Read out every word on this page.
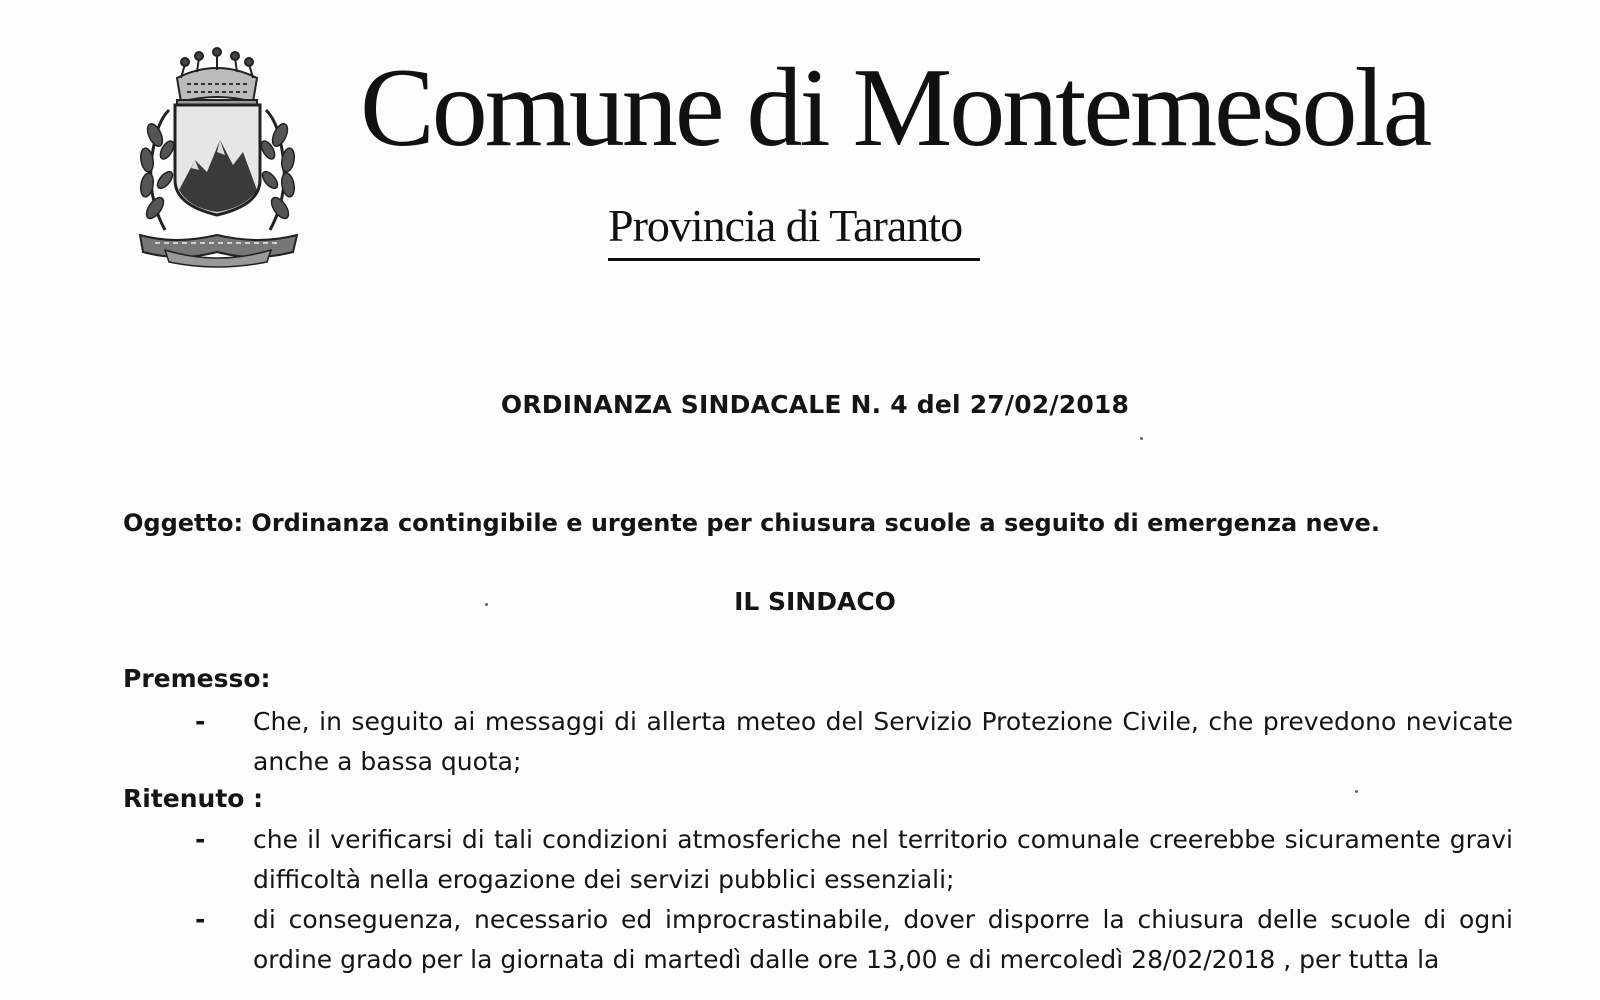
Comune di Montemesola
Provincia di Taranto
ORDINANZA SINDACALE N. 4 del 27/02/2018
Oggetto: Ordinanza contingibile e urgente per chiusura scuole a seguito di emergenza neve.
IL SINDACO
Premesso:
- Che, in seguito ai messaggi di allerta meteo del Servizio Protezione Civile, che prevedono nevicate anche a bassa quota;
Ritenuto :
- che il verificarsi di tali condizioni atmosferiche nel territorio comunale creerebbe sicuramente gravi difficoltà nella erogazione dei servizi pubblici essenziali;
- di conseguenza, necessario ed improcrastinabile, dover disporre la chiusura delle scuole di ogni ordine grado per la giornata di martedì dalle ore 13,00 e di mercoledì 28/02/2018 , per tutta la
